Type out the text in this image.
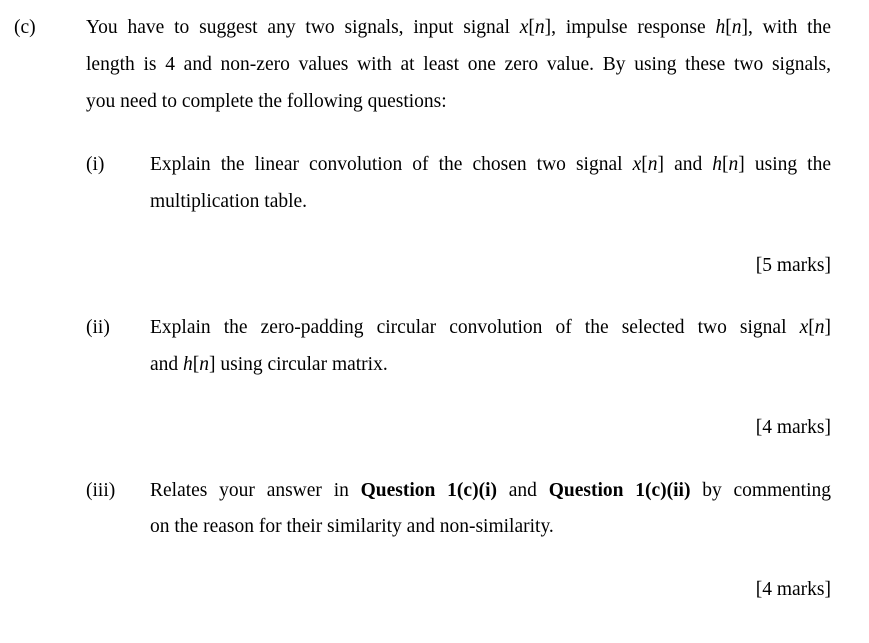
(c)	You have to suggest any two signals, input signal x[n], impulse response h[n], with the
length is 4 and non-zero values with at least one zero value. By using these two signals,
you need to complete the following questions:
(i) Explain the linear convolution of the chosen two signal x[n] and h[n] using the
multiplication table.
[5 marks]
(ii) Explain the zero-padding circular convolution of the selected two signal x[n]
and h[n] using circular matrix.
[4 marks]
(iii) Relates your answer in Question 1(c)(i) and Question 1(c)(ii) by commenting
on the reason for their similarity and non-similarity.
[4 marks]
